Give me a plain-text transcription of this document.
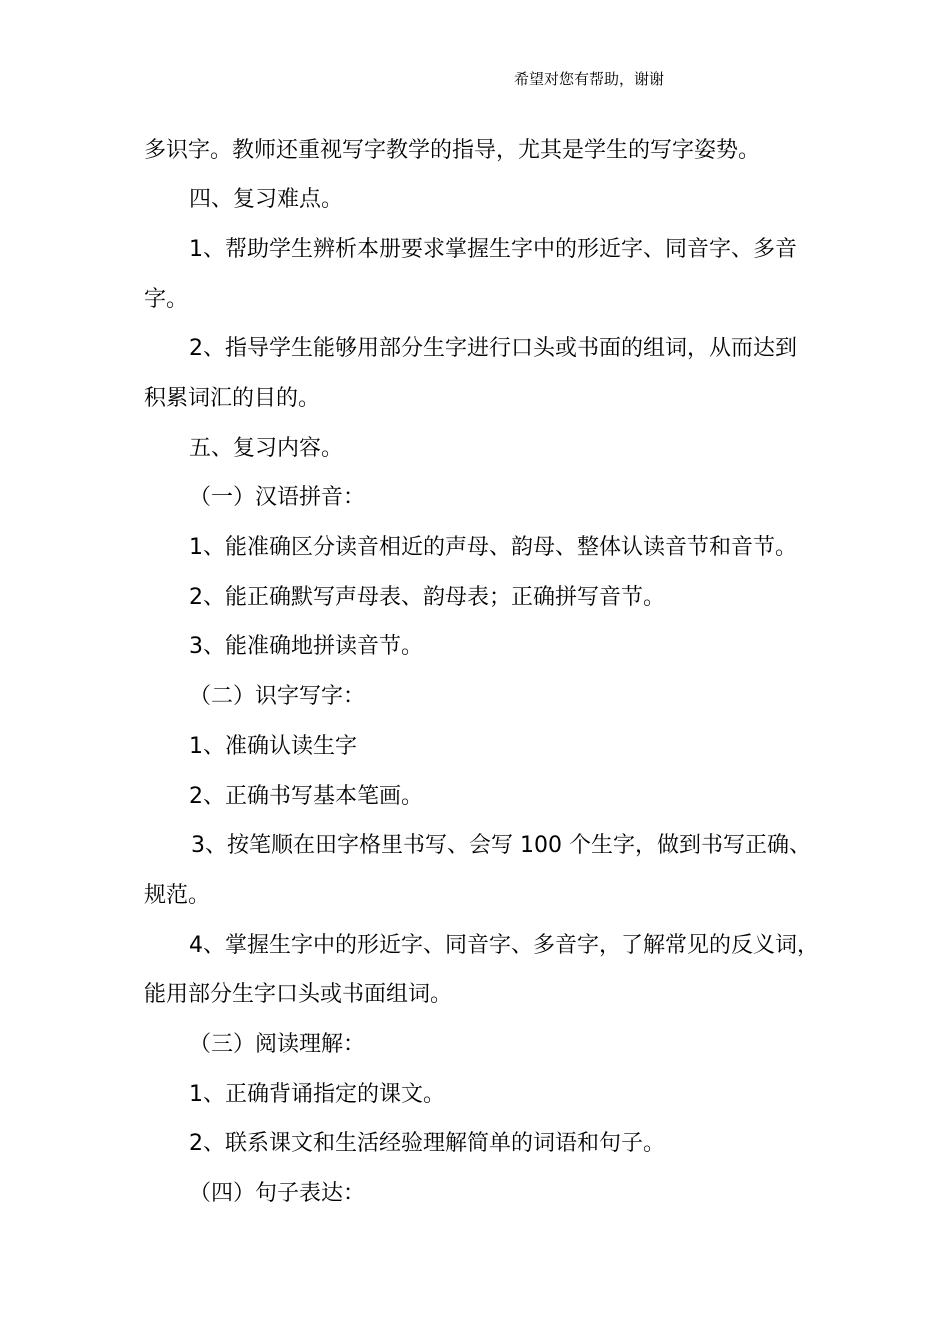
希望对您有帮助，谢谢
多识字。教师还重视写字教学的指导，尤其是学生的写字姿势。
四、复习难点。
1、帮助学生辨析本册要求掌握生字中的形近字、同音字、多音
字。
2、指导学生能够用部分生字进行口头或书面的组词，从而达到
积累词汇的目的。
五、复习内容。
（一）汉语拼音：
1、能准确区分读音相近的声母、韵母、整体认读音节和音节。
2、能正确默写声母表、韵母表；正确拼写音节。
3、能准确地拼读音节。
（二）识字写字：
1、准确认读生字
2、正确书写基本笔画。
3、按笔顺在田字格里书写、会写 100 个生字，做到书写正确、
规范。
4、掌握生字中的形近字、同音字、多音字，了解常见的反义词，
能用部分生字口头或书面组词。
（三）阅读理解：
1、正确背诵指定的课文。
2、联系课文和生活经验理解简单的词语和句子。
（四）句子表达：
